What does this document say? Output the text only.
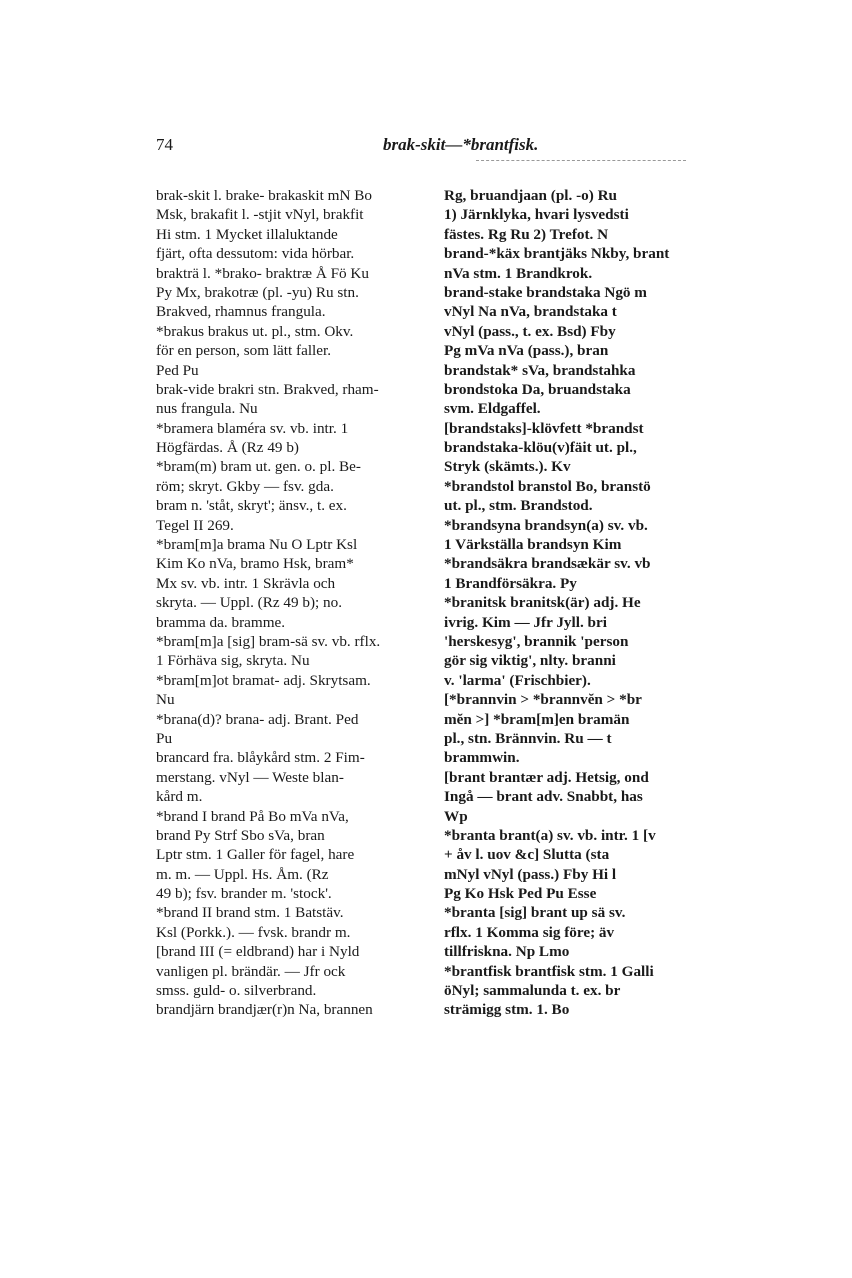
74	brak-skit—*brantfisk.
brak-skit l. brake- brakaskit mN Bo
Msk, brakafit l. -stjit vNyl, brakfit
Hi stm. 1 Mycket illaluktande
fjärt, ofta dessutom: vida hörbar.
brakträ l. *brako- braktræ Å Fö Ku
Py Mx, brakotræ (pl. -yu) Ru stn.
Brakved, rhamnus frangula.
*brakus brakus ut. pl., stm. Okv.
för en person, som lätt faller.
Ped Pu
brak-vide brakri stn. Brakved, rham-
nus frangula. Nu
*bramera blaméra sv. vb. intr. 1
Högfärdas. Å (Rz 49 b)
*bram(m) bram ut. gen. o. pl. Be-
röm; skryt. Gkby — fsv. gda.
bram n. 'ståt, skryt'; änsv., t. ex.
Tegel II 269.
*bram[m]a brama Nu O Lptr Ksl
Kim Ko nVa, bramo Hsk, bram*
Mx sv. vb. intr. 1 Skrävla och
skryta. — Uppl. (Rz 49 b); no.
bramma da. bramme.
*bram[m]a [sig] bram-sä sv. vb. rflx.
1 Förhäva sig, skryta. Nu
*bram[m]ot bramat- adj. Skrytsam.
Nu
*brana(d)? brana- adj. Brant. Ped
Pu
brancard fra. blåykård stm. 2 Fim-
merstang. vNyl — Weste blan-
kård m.
*brand I brand På Bo mVa nVa,
brand Py Strf Sbo sVa, bran
Lptr stm. 1 Galler för fagel, hare
m. m. — Uppl. Hs. Åm. (Rz
49 b); fsv. brander m. 'stock'.
*brand II brand stm. 1 Batstäv.
Ksl (Porkk.). — fvsk. brandr m.
[brand III (= eldbrand) har i Nyld
vanligen pl. brändär. — Jfr ock
smss. guld- o. silverbrand.
brandjärn brandjær(r)n Na, brannen
Rg, bruandjaan (pl. -o) Ru
1) Järnklyka, hvari lysvedsti
fästes. Rg Ru 2) Trefot. N
brand-*käx brantjäks Nkby, brant
nVa stm. 1 Brandkrok.
brand-stake brandstaka Ngö m
vNyl Na nVa, brandstaka t
vNyl (pass., t. ex. Bsd) Fby
Pg mVa nVa (pass.), bran
brandstak* sVa, brandstahka
brondstoka Da, bruandstaka
svm. Eldgaffel.
[brandstaks]-klövfett *brandst
brandstaka-klöu(v)fäit ut. pl.,
Stryk (skämts.). Kv
*brandstol branstol Bo, branstö
ut. pl., stm. Brandstod.
*brandsyna brandsyn(a) sv. vb.
1 Värkställa brandsyn Kim
*brandsäkra brandsækär sv. vb
1 Brandförsäkra. Py
*branitsk branitsk(är) adj. He
ivrig. Kim — Jfr Jyll. bri
'herskesyg', brannik 'person
gör sig viktig', nlty. branni
v. 'larma' (Frischbier).
[*brannvin > *brannvĕn > *br
mĕn >] *bram[m]en bramän
pl., stn. Brännvin. Ru — t
brammwin.
[brant brantær adj. Hetsig, ond
Ingå — brant adv. Snabbt, has
Wp
*branta brant(a) sv. vb. intr. 1 [v
+ åv l. uov &c] Slutta (sta
mNyl vNyl (pass.) Fby Hi l
Pg Ko Hsk Ped Pu Esse
*branta [sig] brant up sä sv.
rflx. 1 Komma sig före; äv
tillfriskna. Np Lmo
*brantfisk brantfisk stm. 1 Galli
öNyl; sammalunda t. ex. br
strämigg stm. 1. Bo
